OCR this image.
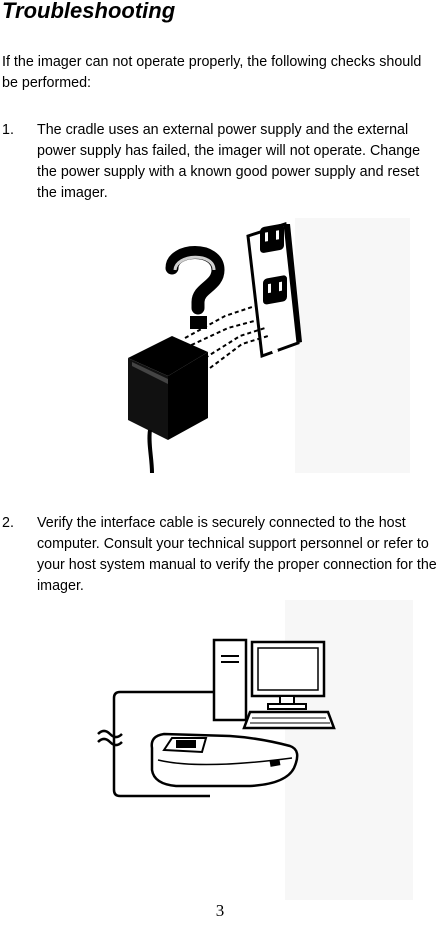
Troubleshooting

If the imager can not operate properly, the following checks should be performed:

1. The cradle uses an external power supply and the external power supply has failed, the imager will not operate. Change the power supply with a known good power supply and reset the imager.

2. Verify the interface cable is securely connected to the host computer. Consult your technical support personnel or refer to your host system manual to verify the proper connection for the imager.

3
